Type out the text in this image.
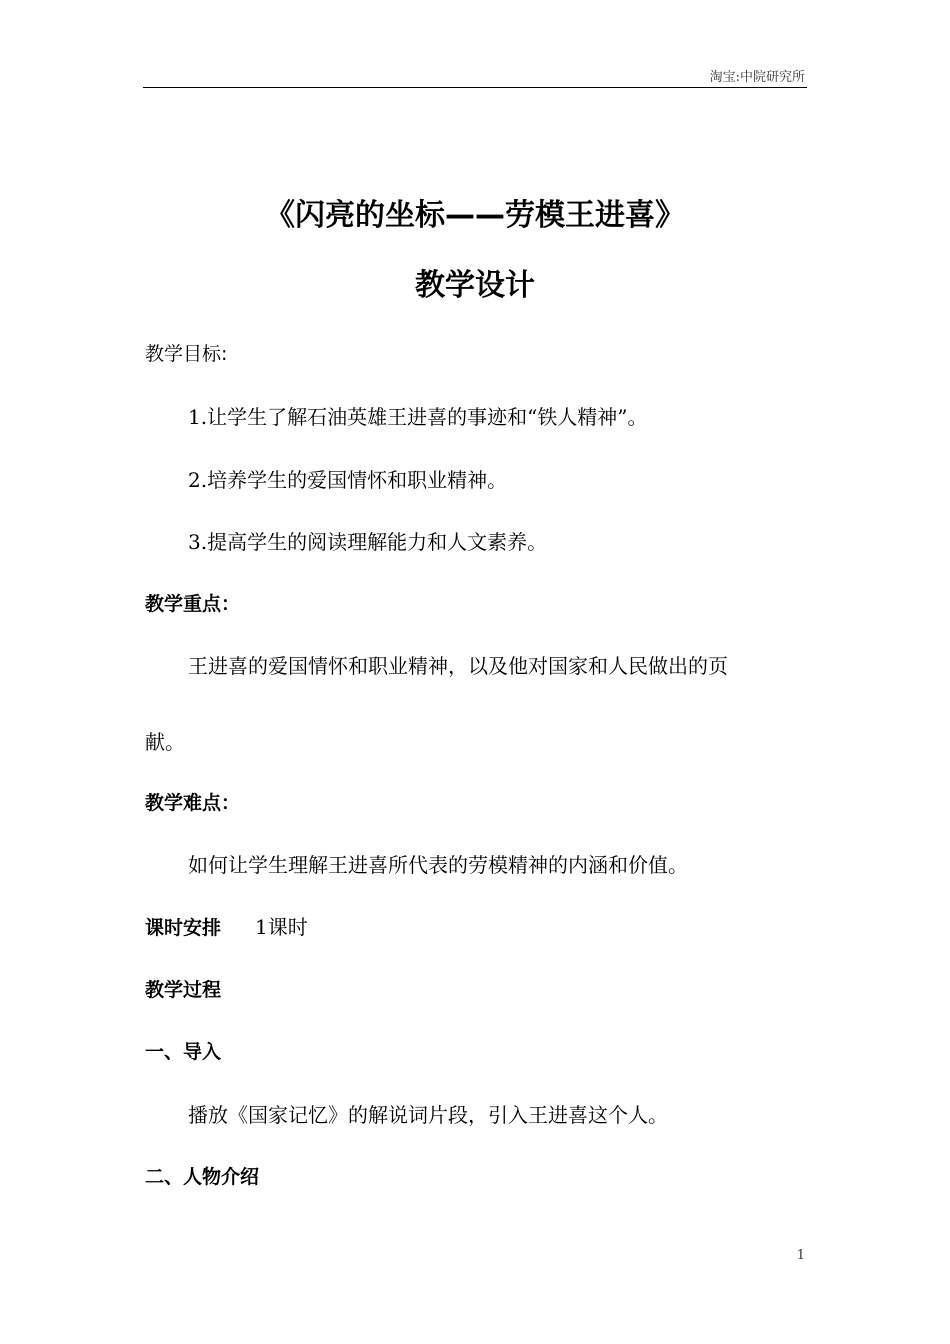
淘宝:中院研究所
《闪亮的坐标——劳模王进喜》
教学设计
教学目标:
1.让学生了解石油英雄王进喜的事迹和“铁人精神”。
2.培养学生的爱国情怀和职业精神。
3.提高学生的阅读理解能力和人文素养。
教学重点：
王进喜的爱国情怀和职业精神，以及他对国家和人民做出的页
献。
教学难点：
如何让学生理解王进喜所代表的劳模精神的内涵和价值。
课时安排 1课时
教学过程
一、导入
播放《国家记忆》的解说词片段，引入王进喜这个人。
二、人物介绍
1
